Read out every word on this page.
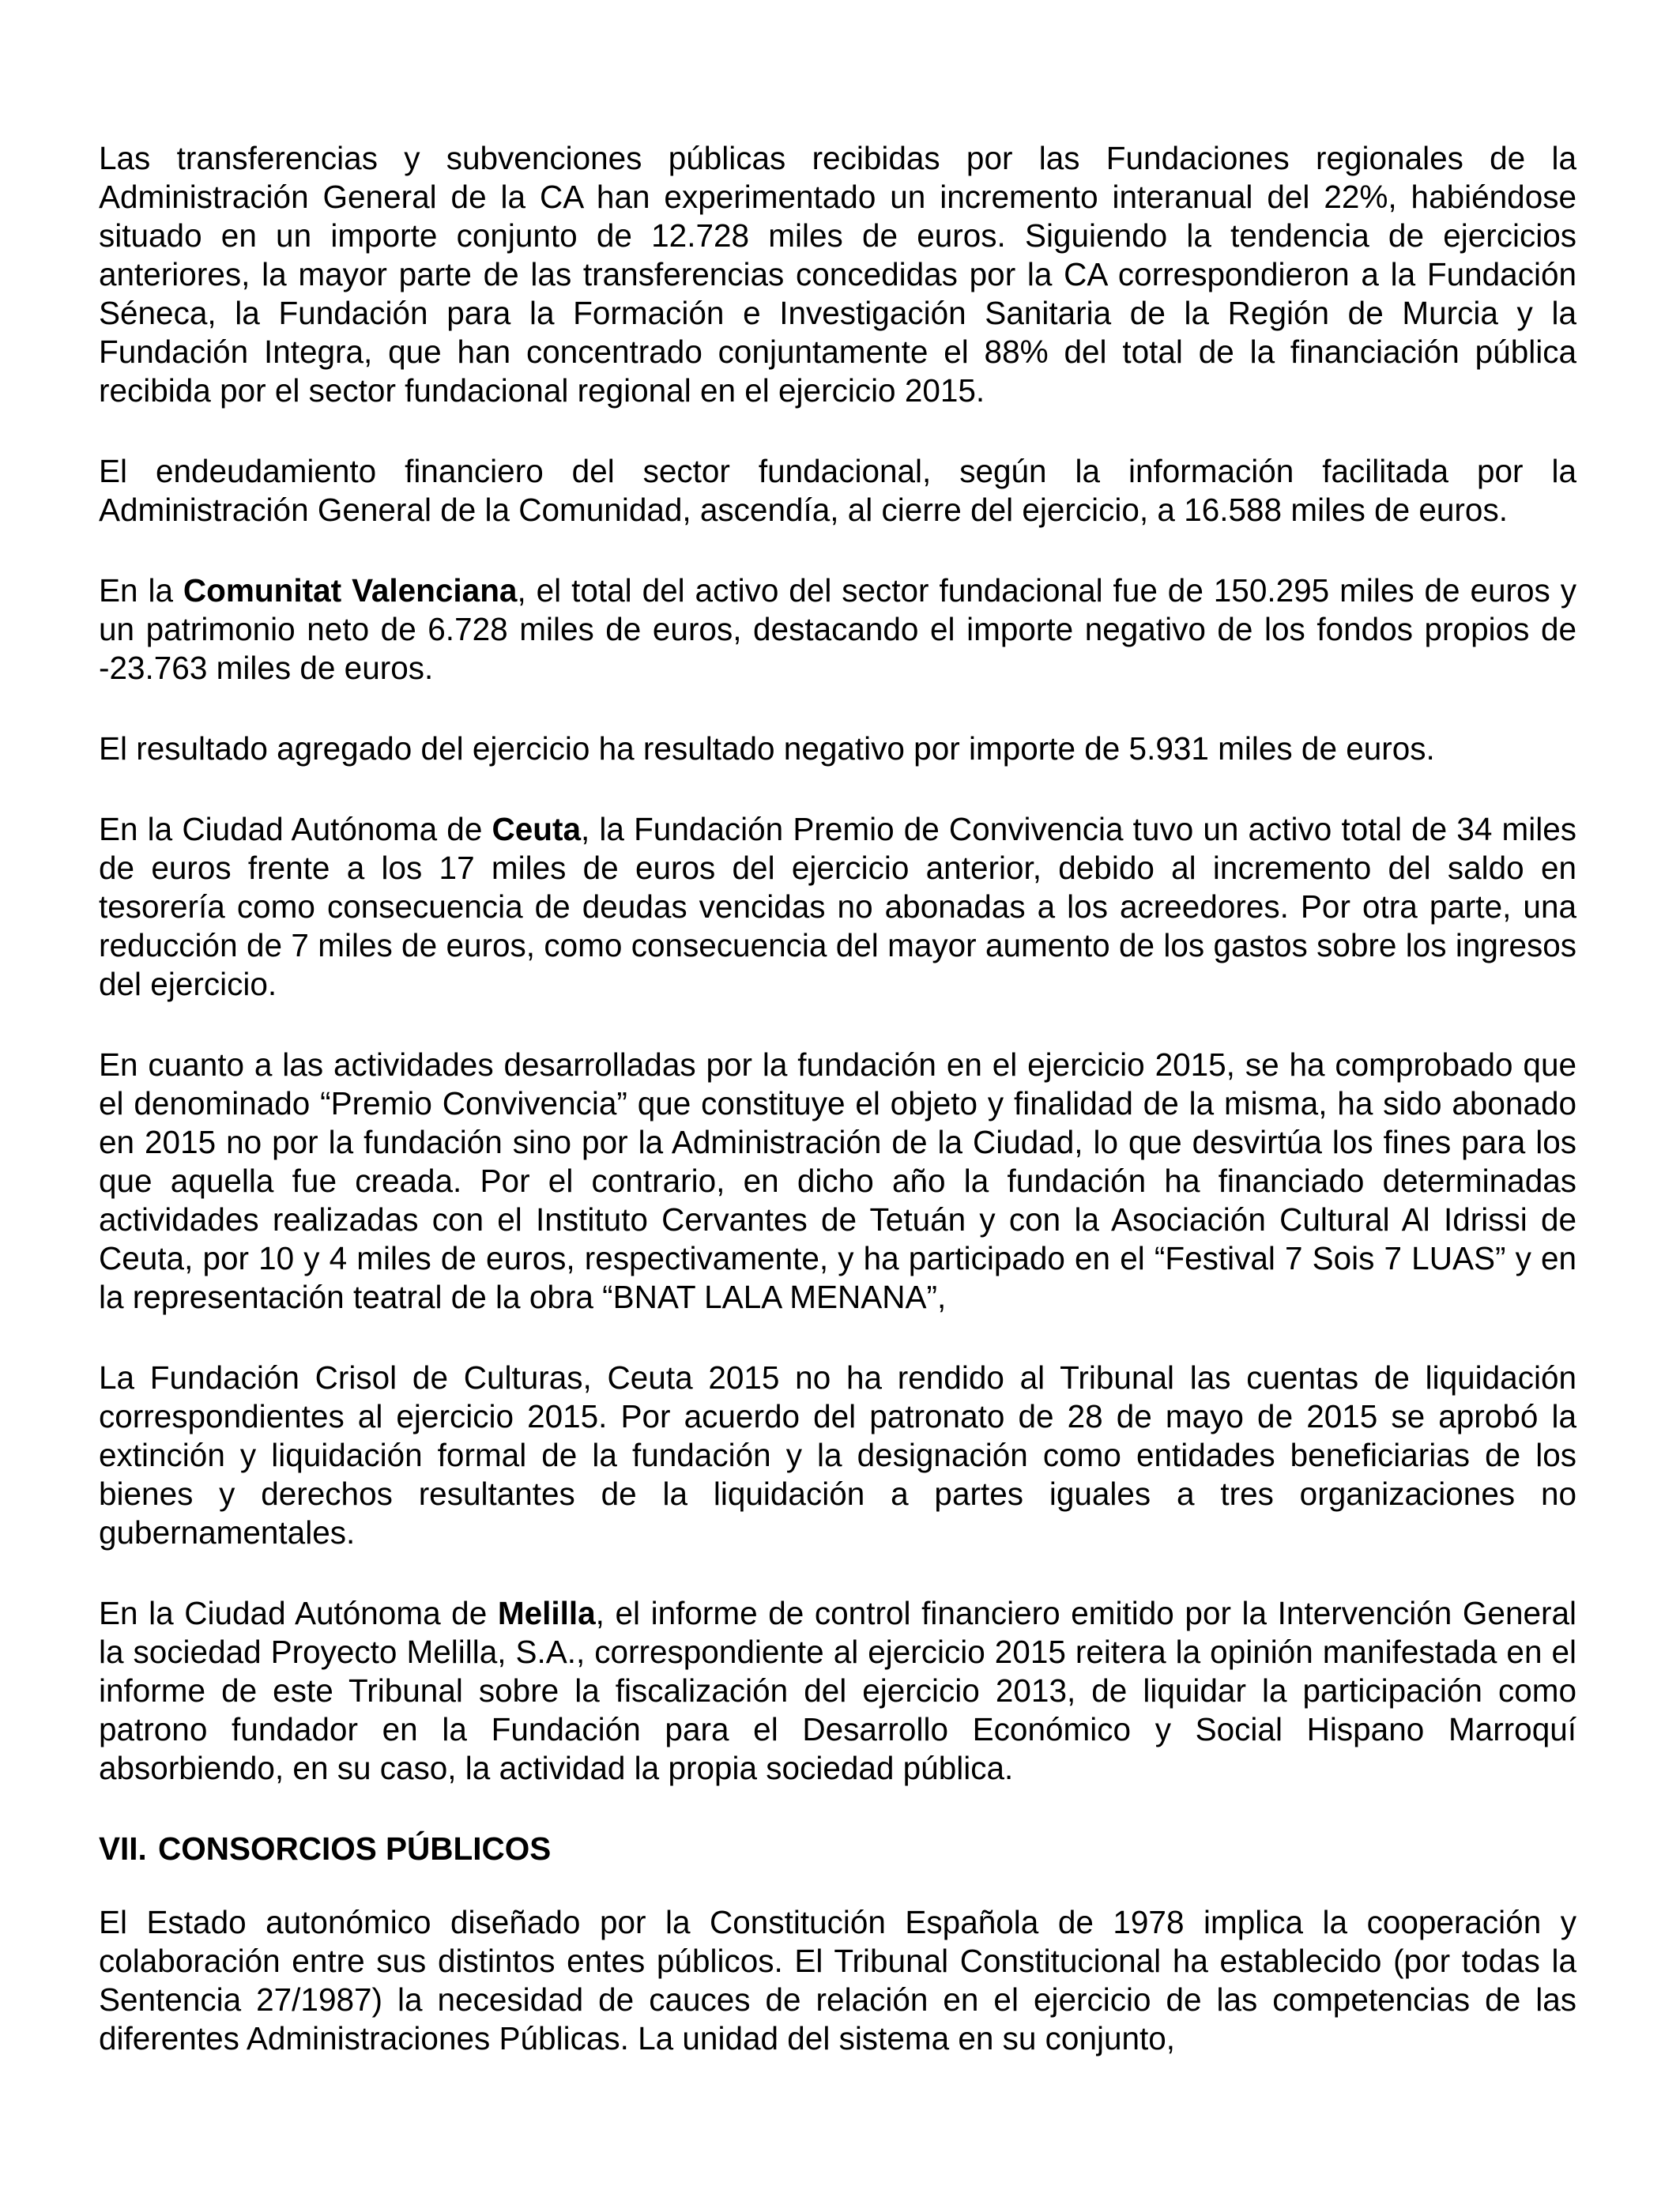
Las transferencias y subvenciones públicas recibidas por las Fundaciones regionales de la Administración General de la CA han experimentado un incremento interanual del 22%, habiéndose situado en un importe conjunto de 12.728 miles de euros. Siguiendo la tendencia de ejercicios anteriores, la mayor parte de las transferencias concedidas por la CA correspondieron a la Fundación Séneca, la Fundación para la Formación e Investigación Sanitaria de la Región de Murcia y la Fundación Integra, que han concentrado conjuntamente el 88% del total de la financiación pública recibida por el sector fundacional regional en el ejercicio 2015.

El endeudamiento financiero del sector fundacional, según la información facilitada por la Administración General de la Comunidad, ascendía, al cierre del ejercicio, a 16.588 miles de euros.

En la Comunitat Valenciana, el total del activo del sector fundacional fue de 150.295 miles de euros y un patrimonio neto de 6.728 miles de euros, destacando el importe negativo de los fondos propios de -23.763 miles de euros.

El resultado agregado del ejercicio ha resultado negativo por importe de 5.931 miles de euros.

En la Ciudad Autónoma de Ceuta, la Fundación Premio de Convivencia tuvo un activo total de 34 miles de euros frente a los 17 miles de euros del ejercicio anterior, debido al incremento del saldo en tesorería como consecuencia de deudas vencidas no abonadas a los acreedores. Por otra parte, una reducción de 7 miles de euros, como consecuencia del mayor aumento de los gastos sobre los ingresos del ejercicio.

En cuanto a las actividades desarrolladas por la fundación en el ejercicio 2015, se ha comprobado que el denominado “Premio Convivencia” que constituye el objeto y finalidad de la misma, ha sido abonado en 2015 no por la fundación sino por la Administración de la Ciudad, lo que desvirtúa los fines para los que aquella fue creada. Por el contrario, en dicho año la fundación ha financiado determinadas actividades realizadas con el Instituto Cervantes de Tetuán y con la Asociación Cultural Al Idrissi de Ceuta, por 10 y 4 miles de euros, respectivamente, y ha participado en el “Festival 7 Sois 7 LUAS” y en la representación teatral de la obra “BNAT LALA MENANA”,

La Fundación Crisol de Culturas, Ceuta 2015 no ha rendido al Tribunal las cuentas de liquidación correspondientes al ejercicio 2015. Por acuerdo del patronato de 28 de mayo de 2015 se aprobó la extinción y liquidación formal de la fundación y la designación como entidades beneficiarias de los bienes y derechos resultantes de la liquidación a partes iguales a tres organizaciones no gubernamentales.

En la Ciudad Autónoma de Melilla, el informe de control financiero emitido por la Intervención General la sociedad Proyecto Melilla, S.A., correspondiente al ejercicio 2015 reitera la opinión manifestada en el informe de este Tribunal sobre la fiscalización del ejercicio 2013, de liquidar la participación como patrono fundador en la Fundación para el Desarrollo Económico y Social Hispano Marroquí absorbiendo, en su caso, la actividad la propia sociedad pública.

VII. CONSORCIOS PÚBLICOS

El Estado autonómico diseñado por la Constitución Española de 1978 implica la cooperación y colaboración entre sus distintos entes públicos. El Tribunal Constitucional ha establecido (por todas la Sentencia 27/1987) la necesidad de cauces de relación en el ejercicio de las competencias de las diferentes Administraciones Públicas. La unidad del sistema en su conjunto,
